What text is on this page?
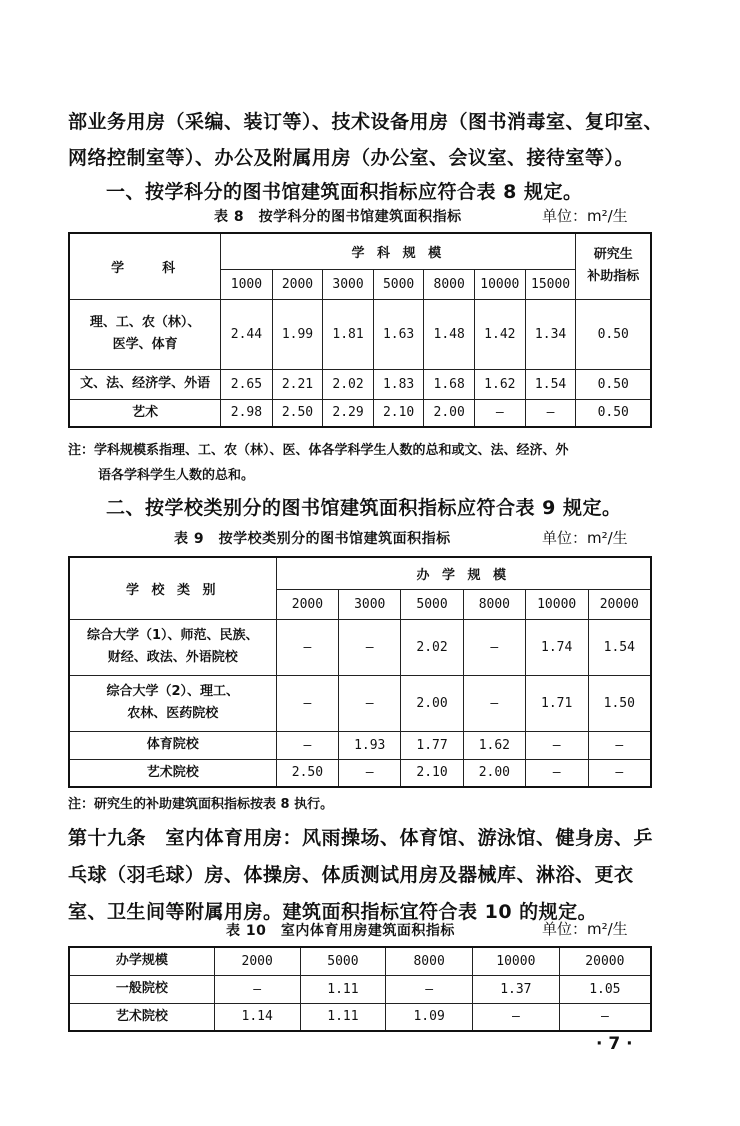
部业务用房（采编、装订等）、技术设备用房（图书消毒室、复印室、
网络控制室等）、办公及附属用房（办公室、会议室、接待室等）。
一、按学科分的图书馆建筑面积指标应符合表 8 规定。
表 8　按学科分的图书馆建筑面积指标	单位：m²/生
学　　科	学 科 规 模							研究生
补助指标

	1000	2000	3000	5000	8000	10000	15000	

理、工、农（林）、
医学、体育	2.44	1.99	1.81	1.63	1.48	1.42	1.34	0.50
文、法、经济学、外语	2.65	2.21	2.02	1.83	1.68	1.62	1.54	0.50
艺术	2.98	2.50	2.29	2.10	2.00	—	—	0.50
注：学科规模系指理、工、农（林）、医、体各学科学生人数的总和或文、法、经济、外
语各学科学生人数的总和。
二、按学校类别分的图书馆建筑面积指标应符合表 9 规定。
表 9　按学校类别分的图书馆建筑面积指标	单位：m²/生
学 校 类 别	办 学 规 模					
	2000	3000	5000	8000	10000	20000

综合大学（1）、师范、民族、
财经、政法、外语院校	—	—	2.02	—	1.74	1.54

综合大学（2）、理工、
农林、医药院校	—	—	2.00	—	1.71	1.50
体育院校	—	1.93	1.77	1.62	—	—
艺术院校	2.50	—	2.10	2.00	—	—
注：研究生的补助建筑面积指标按表 8 执行。
第十九条　室内体育用房：风雨操场、体育馆、游泳馆、健身房、乒乓球（羽毛球）房、体操房、体质测试用房及器械库、淋浴、更衣室、卫生间等附属用房。建筑面积指标宜符合表 10 的规定。
表 10　室内体育用房建筑面积指标	单位：m²/生
办学规模	2000	5000	8000	10000	20000
一般院校	—	1.11	—	1.37	1.05
艺术院校	1.14	1.11	1.09	—	—
· 7 ·
